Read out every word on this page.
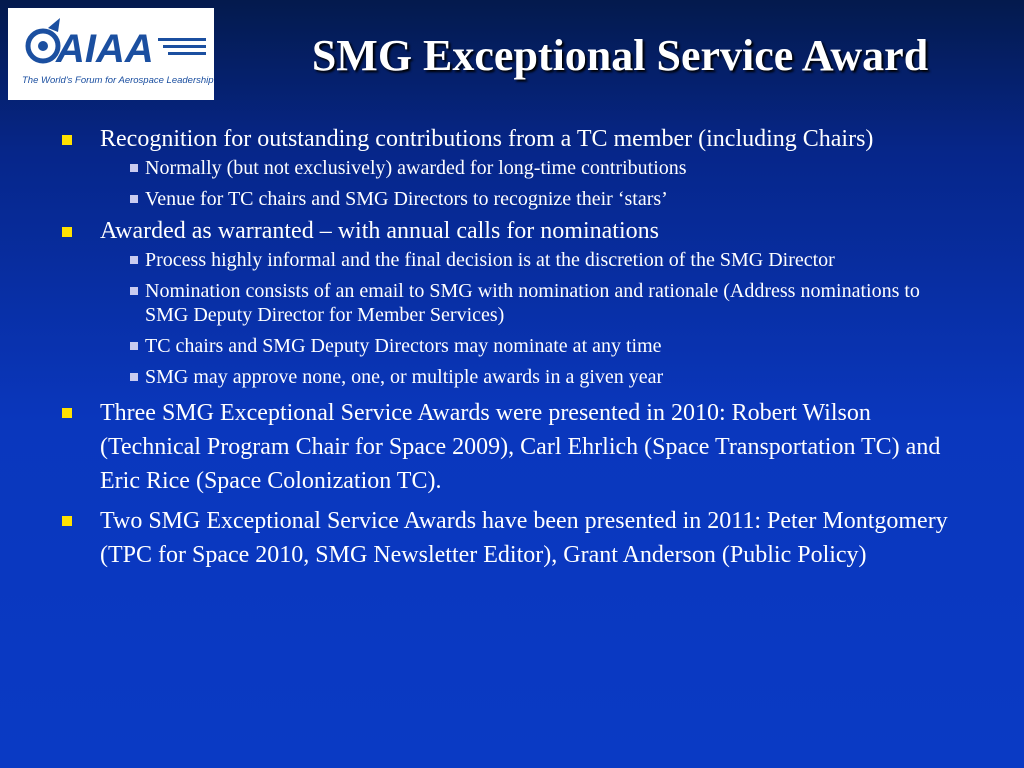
AIAA
The World's Forum for Aerospace Leadership
SMG Exceptional Service Award
Recognition for outstanding contributions from a TC member (including Chairs)
Normally (but not exclusively) awarded for long-time contributions
Venue for TC chairs and SMG Directors to recognize their ‘stars’
Awarded as warranted – with annual calls for nominations
Process highly informal and the final decision is at the discretion of the SMG Director
Nomination consists of an email to SMG with nomination and rationale (Address nominations to SMG Deputy Director for Member Services)
TC chairs and SMG Deputy Directors may nominate at any time
SMG may approve none, one, or multiple awards in a given year
Three SMG Exceptional Service Awards were presented in 2010: Robert Wilson (Technical Program Chair for Space 2009), Carl Ehrlich (Space Transportation TC) and Eric Rice (Space Colonization TC).
Two SMG Exceptional Service Awards have been presented in 2011: Peter Montgomery (TPC for Space 2010, SMG Newsletter Editor), Grant Anderson (Public Policy)
